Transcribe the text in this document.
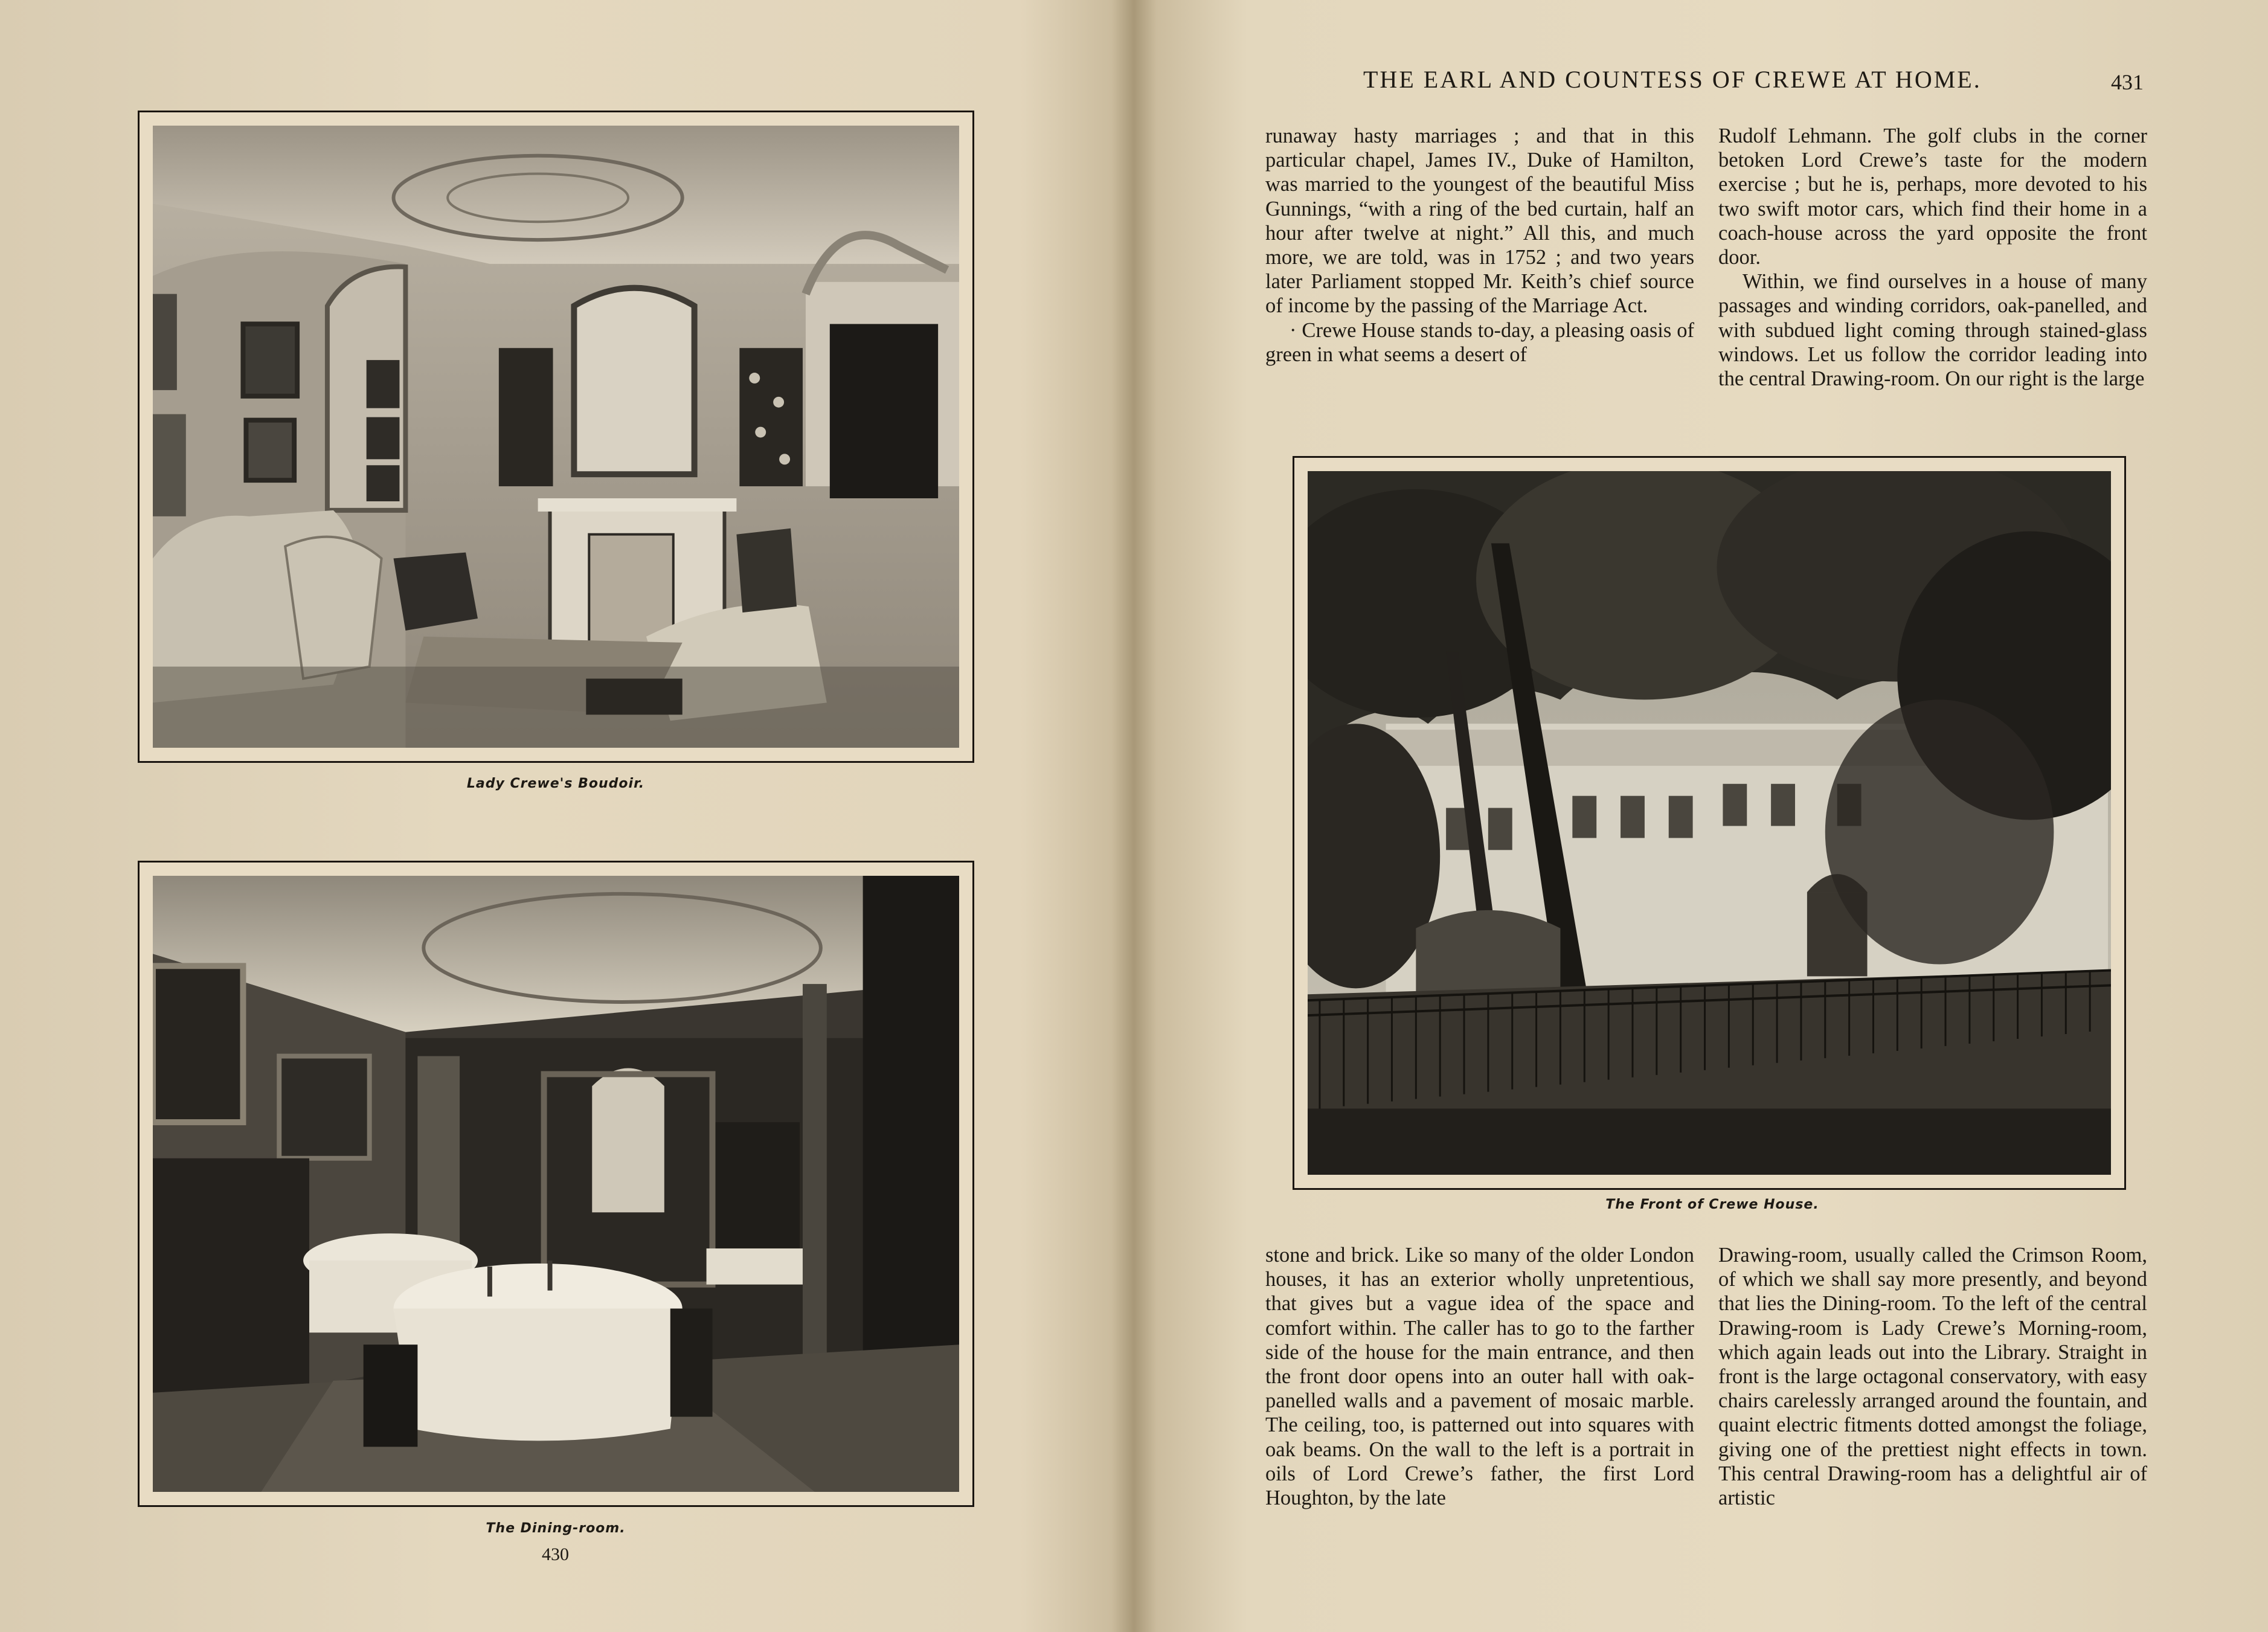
Lady Crewe's Boudoir.
The Dining-room.
430
THE EARL AND COUNTESS OF CREWE AT HOME.	431

runaway hasty marriages ; and that in this particular chapel, James IV., Duke of Hamilton, was married to the youngest of the beautiful Miss Gunnings, “with a ring of the bed curtain, half an hour after twelve at night.” All this, and much more, we are told, was in 1752 ; and two years later Parliament stopped Mr. Keith’s chief source of income by the passing of the Marriage Act.

· Crewe House stands to-day, a pleasing oasis of green in what seems a desert of

Rudolf Lehmann. The golf clubs in the corner betoken Lord Crewe’s taste for the modern exercise ; but he is, perhaps, more devoted to his two swift motor cars, which find their home in a coach-house across the yard opposite the front door.

Within, we find ourselves in a house of many passages and winding corridors, oak-panelled, and with subdued light coming through stained-glass windows. Let us follow the corridor leading into the central Drawing-room. On our right is the large

The Front of Crewe House.

stone and brick. Like so many of the older London houses, it has an exterior wholly unpretentious, that gives but a vague idea of the space and comfort within. The caller has to go to the farther side of the house for the main entrance, and then the front door opens into an outer hall with oak-panelled walls and a pavement of mosaic marble. The ceiling, too, is patterned out into squares with oak beams. On the wall to the left is a portrait in oils of Lord Crewe’s father, the first Lord Houghton, by the late

Drawing-room, usually called the Crimson Room, of which we shall say more presently, and beyond that lies the Dining-room. To the left of the central Drawing-room is Lady Crewe’s Morning-room, which again leads out into the Library. Straight in front is the large octagonal conservatory, with easy chairs carelessly arranged around the fountain, and quaint electric fitments dotted amongst the foliage, giving one of the prettiest night effects in town. This central Drawing-room has a delightful air of artistic
